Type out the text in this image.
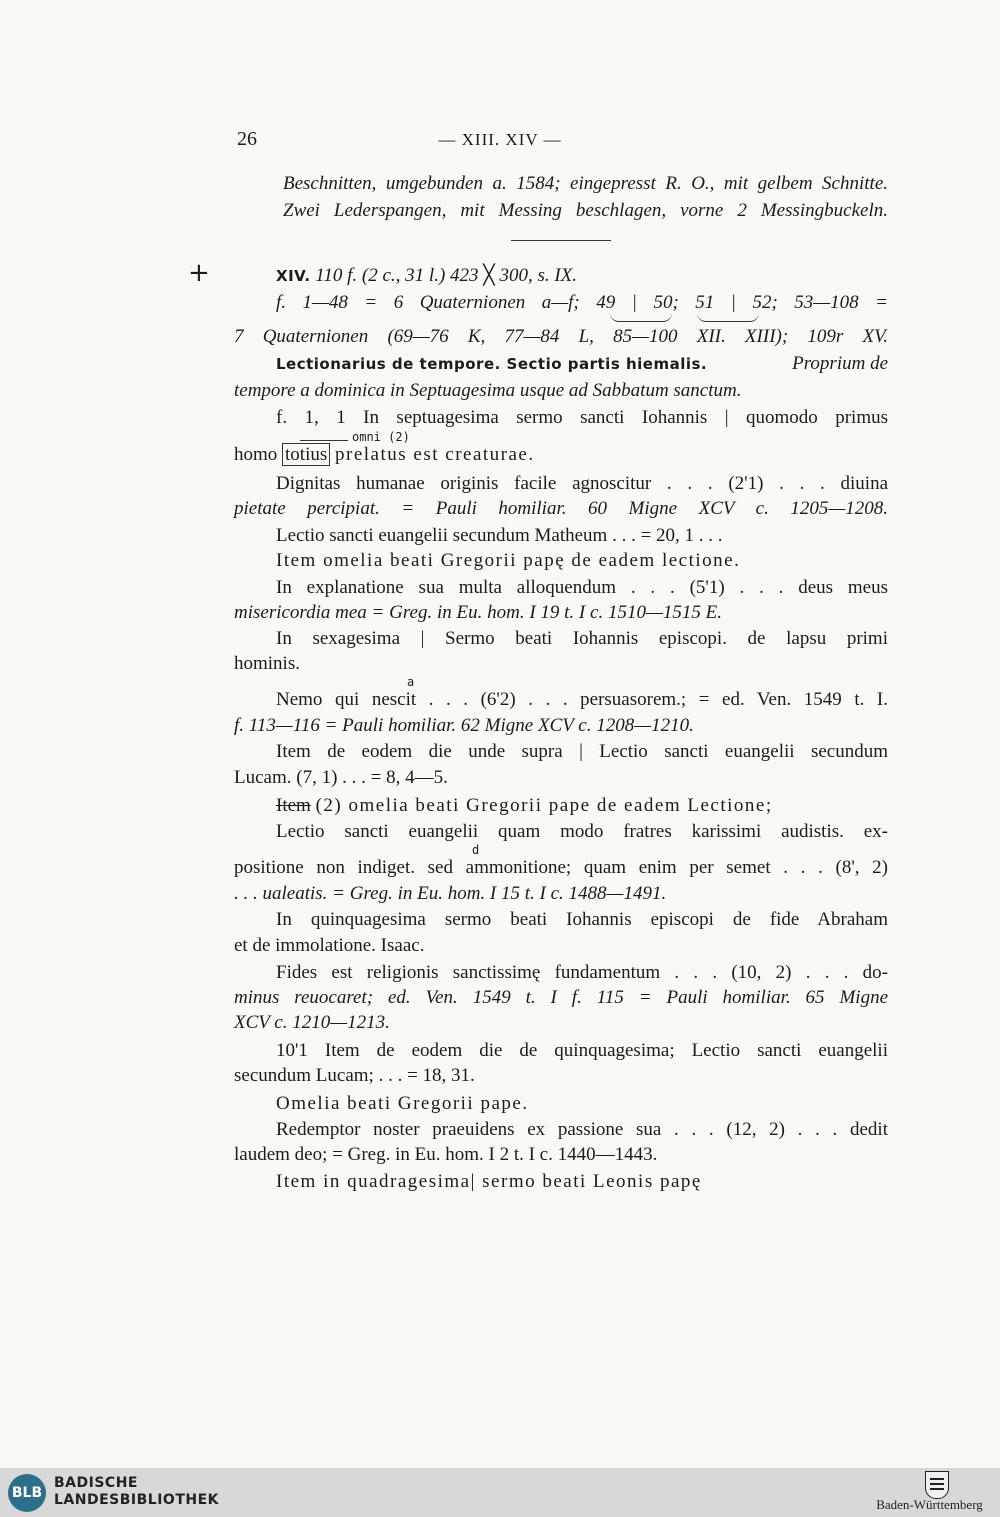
26	— XIII. XIV —
Beschnitten, umgebunden a. 1584; eingepresst R. O., mit gelbem Schnitte.
Zwei Lederspangen, mit Messing beschlagen, vorne 2 Messingbuckeln.
+	XIV. 110 f. (2 c., 31 l.) 423 ╳ 300, s. IX.
f. 1—48 = 6 Quaternionen a—f; 49 | 50; 51 | 52; 53—108 =
7 Quaternionen (69—76 K, 77—84 L, 85—100 XII. XIII); 109r XV.
Lectionarius de tempore. Sectio partis hiemalis.	Proprium de
tempore a dominica in Septuagesima usque ad Sabbatum sanctum.
f. 1, 1 In septuagesima sermo sancti Iohannis | quomodo primus
omni (2)
homo totius prelatus est creaturae.
Dignitas humanae originis facile agnoscitur . . . (2'1) . . . diuina
pietate percipiat. = Pauli homiliar. 60 Migne XCV c. 1205—1208.
Lectio sancti euangelii secundum Matheum . . . = 20, 1 . . .
Item omelia beati Gregorii papę de eadem lectione.
In explanatione sua multa alloquendum . . . (5'1) . . . deus meus
misericordia mea = Greg. in Eu. hom. I 19 t. I c. 1510—1515 E.
In sexagesima | Sermo beati Iohannis episcopi. de lapsu primi
hominis.
a
Nemo qui nescit . . . (6'2) . . . persuasorem.; = ed. Ven. 1549 t. I.
f. 113—116 = Pauli homiliar. 62 Migne XCV c. 1208—1210.
Item de eodem die unde supra | Lectio sancti euangelii secundum
Lucam. (7, 1) . . . = 8, 4—5.
Item (2) omelia beati Gregorii pape de eadem Lectione;
Lectio sancti euangelii quam modo fratres karissimi audistis. ex-
d
positione non indiget. sed ammonitione; quam enim per semet . . . (8', 2)
. . . ualeatis. = Greg. in Eu. hom. I 15 t. I c. 1488—1491.
In quinquagesima sermo beati Iohannis episcopi de fide Abraham
et de immolatione. Isaac.
Fides est religionis sanctissimę fundamentum . . . (10, 2) . . . do-
minus reuocaret; ed. Ven. 1549 t. I f. 115 = Pauli homiliar. 65 Migne
XCV c. 1210—1213.
10'1 Item de eodem die de quinquagesima; Lectio sancti euangelii
secundum Lucam; . . . = 18, 31.
Omelia beati Gregorii pape.
Redemptor noster praeuidens ex passione sua . . . (12, 2) . . . dedit
laudem deo; = Greg. in Eu. hom. I 2 t. I c. 1440—1443.
Item in quadragesima| sermo beati Leonis papę
BLB
BADISCHE
LANDESBIBLIOTHEK	Baden-Württemberg
